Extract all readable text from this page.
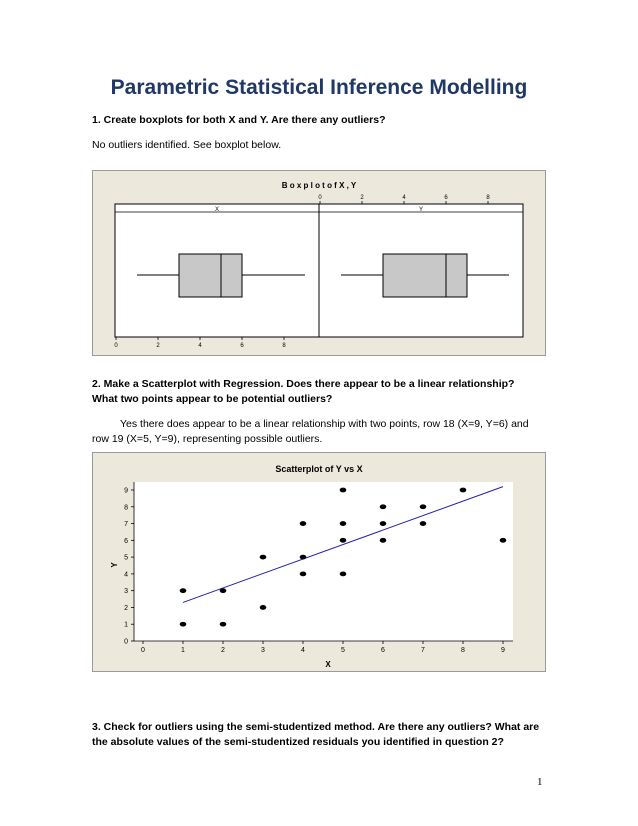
Parametric Statistical Inference Modelling
1. Create boxplots for both X and Y. Are there any outliers?
No outliers identified. See boxplot below.
B o x p l o t o f X , Y
X	Y
0	2	4	6	8
0	2	4	6	8
2. Make a Scatterplot with Regression. Does there appear to be a linear relationship?
What two points appear to be potential outliers?
Yes there does appear to be a linear relationship with two points, row 18 (X=9, Y=6) and
row 19 (X=5, Y=9), representing possible outliers.
Scatterplot of Y vs X
X
Y
0	1	2	3	4	5	6	7	8	9
0
1
2
3
4
5
6
7
8
9
3. Check for outliers using the semi-studentized method. Are there any outliers? What are
the absolute values of the semi-studentized residuals you identified in question 2?
1
